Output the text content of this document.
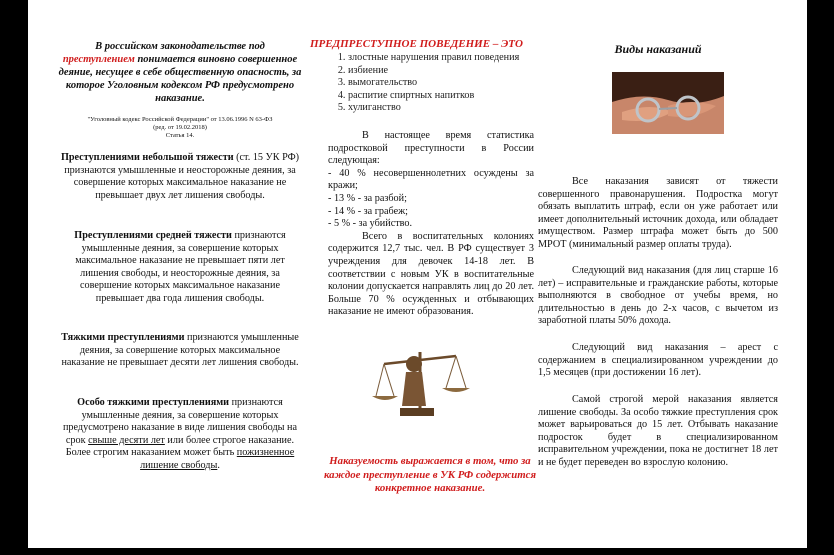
В российском законодательстве под преступлением понимается виновно совершенное деяние, несущее в себе общественную опасность, за которое Уголовным кодексом РФ предусмотрено наказание.

"Уголовный кодекс Российской Федерации" от 13.06.1996 N 63-ФЗ
(ред. от 19.02.2018)
Статья 14.

Преступлениями небольшой тяжести (ст. 15 УК РФ) признаются умышленные и неосторожные деяния, за совершение которых максимальное наказание не превышает двух лет лишения свободы.

Преступлениями средней тяжести признаются умышленные деяния, за совершение которых максимальное наказание не превышает пяти лет лишения свободы, и неосторожные деяния, за совершение которых максимальное наказание превышает два года лишения свободы.

Тяжкими преступлениями признаются умышленные деяния, за совершение которых максимальное наказание не превышает десяти лет лишения свободы.

Особо тяжкими преступлениями признаются умышленные деяния, за совершение которых предусмотрено наказание в виде лишения свободы на срок свыше десяти лет или более строгое наказание. Более строгим наказанием может быть пожизненное лишение свободы.

ПРЕДПРЕСТУПНОЕ ПОВЕДЕНИЕ – ЭТО
1. злостные нарушения правил поведения
2. избиение
3. вымогательство
4. распитие спиртных напитков
5. хулиганство

В настоящее время статистика подростковой преступности в России следующая:

- 40 % несовершеннолетних осуждены за кражи;

- 13 % - за разбой;

- 14 % - за грабеж;

- 5 % - за убийство.

Всего в воспитательных колониях содержится 12,7 тыс. чел. В РФ существует 3 учреждения для девочек 14-18 лет. В соответствии с новым УК в воспитательные колонии допускается направлять лиц до 20 лет. Больше 70 % осужденных и отбывающих наказание не имеют образования.

Наказуемость выражается в том, что за каждое преступление в УК РФ содержится конкретное наказание.

Виды наказаний

Все наказания зависят от тяжести совершенного правонарушения. Подростка могут обязать выплатить штраф, если он уже работает или имеет дополнительный источник дохода, или обладает имуществом. Размер штрафа может быть до 500 МРОТ (минимальный размер оплаты труда).

Следующий вид наказания (для лиц старше 16 лет) – исправительные и гражданские работы, которые выполняются в свободное от учебы время, но длительностью в день до 2-х часов, с вычетом из заработной платы 50% дохода.

Следующий вид наказания – арест с содержанием в специализированном учреждении до 1,5 месяцев (при достижении 16 лет).

Самой строгой мерой наказания является лишение свободы. За особо тяжкие преступления срок может варьироваться до 15 лет. Отбывать наказание подросток будет в специализированном исправительном учреждении, пока не достигнет 18 лет и не будет переведен во взрослую колонию.
